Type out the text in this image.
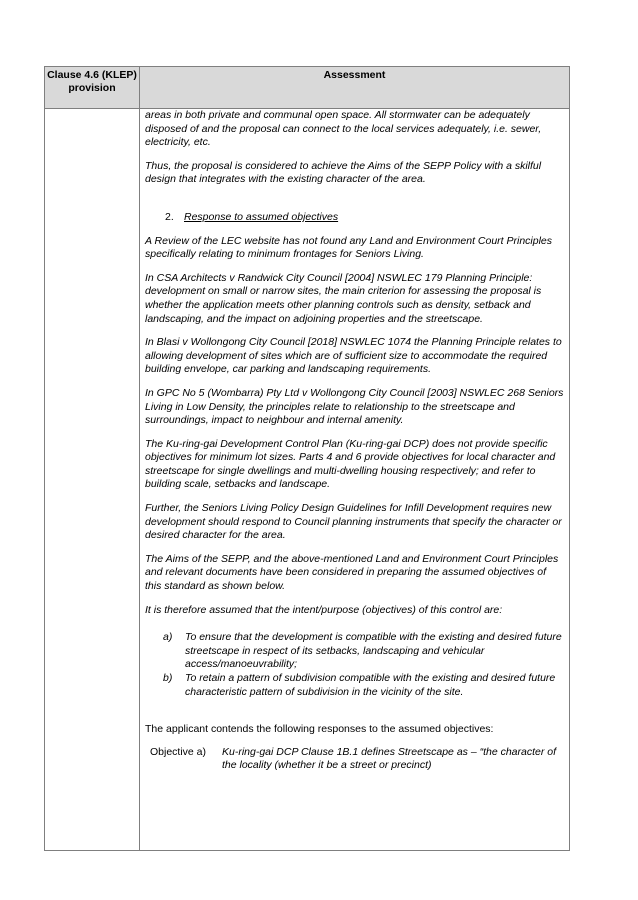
Clause 4.6 (KLEP) provision
Assessment

areas in both private and communal open space. All stormwater can be adequately disposed of and the proposal can connect to the local services adequately, i.e. sewer, electricity, etc.

Thus, the proposal is considered to achieve the Aims of the SEPP Policy with a skilful design that integrates with the existing character of the area.

2. Response to assumed objectives

A Review of the LEC website has not found any Land and Environment Court Principles specifically relating to minimum frontages for Seniors Living.

In CSA Architects v Randwick City Council [2004] NSWLEC 179 Planning Principle: development on small or narrow sites, the main criterion for assessing the proposal is whether the application meets other planning controls such as density, setback and landscaping, and the impact on adjoining properties and the streetscape.

In Blasi v Wollongong City Council [2018] NSWLEC 1074 the Planning Principle relates to allowing development of sites which are of sufficient size to accommodate the required building envelope, car parking and landscaping requirements.

In GPC No 5 (Wombarra) Pty Ltd v Wollongong City Council [2003] NSWLEC 268 Seniors Living in Low Density, the principles relate to relationship to the streetscape and surroundings, impact to neighbour and internal amenity.

The Ku-ring-gai Development Control Plan (Ku-ring-gai DCP) does not provide specific objectives for minimum lot sizes. Parts 4 and 6 provide objectives for local character and streetscape for single dwellings and multi-dwelling housing respectively; and refer to building scale, setbacks and landscape.

Further, the Seniors Living Policy Design Guidelines for Infill Development requires new development should respond to Council planning instruments that specify the character or desired character for the area.

The Aims of the SEPP, and the above-mentioned Land and Environment Court Principles and relevant documents have been considered in preparing the assumed objectives of this standard as shown below.

It is therefore assumed that the intent/purpose (objectives) of this control are:

a) To ensure that the development is compatible with the existing and desired future streetscape in respect of its setbacks, landscaping and vehicular access/manoeuvrability;
b) To retain a pattern of subdivision compatible with the existing and desired future characteristic pattern of subdivision in the vicinity of the site.

The applicant contends the following responses to the assumed objectives:

Objective a)	Ku-ring-gai DCP Clause 1B.1 defines Streetscape as – “the character of the locality (whether it be a street or precinct)
